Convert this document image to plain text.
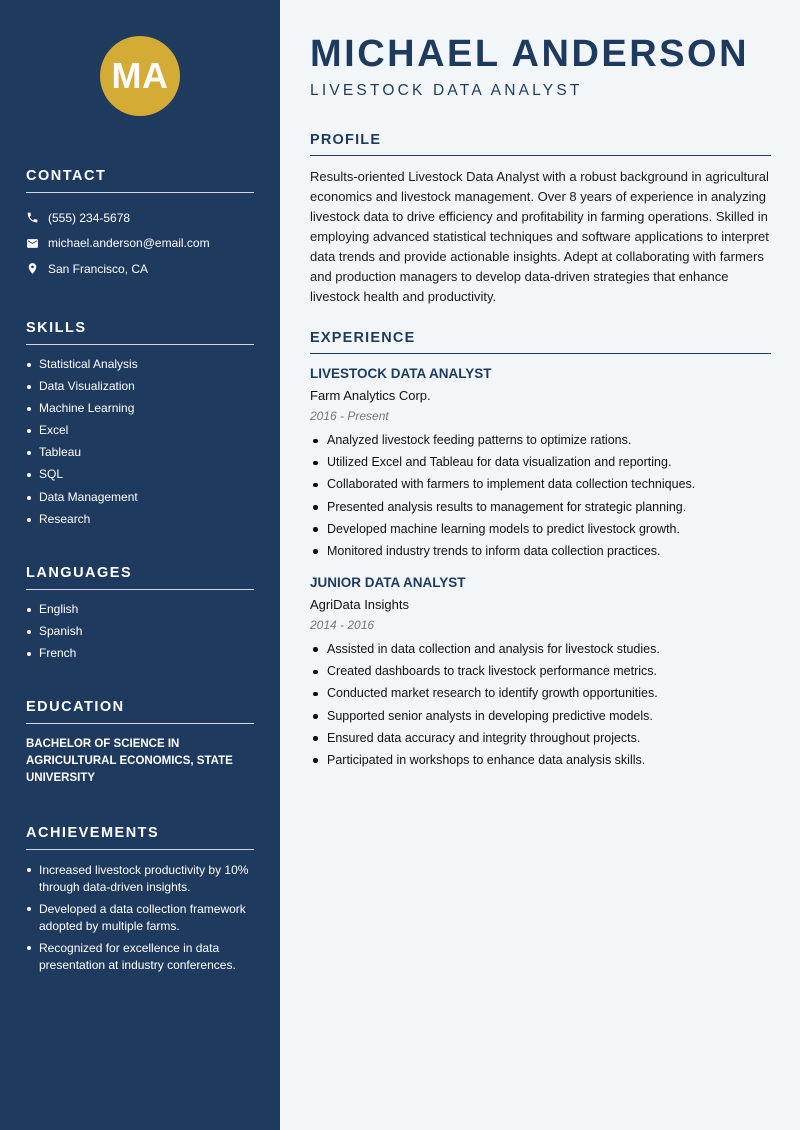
MA
CONTACT
(555) 234-5678
michael.anderson@email.com
San Francisco, CA
SKILLS
Statistical Analysis
Data Visualization
Machine Learning
Excel
Tableau
SQL
Data Management
Research
LANGUAGES
English
Spanish
French
EDUCATION
BACHELOR OF SCIENCE IN AGRICULTURAL ECONOMICS, STATE UNIVERSITY
ACHIEVEMENTS
Increased livestock productivity by 10% through data-driven insights.
Developed a data collection framework adopted by multiple farms.
Recognized for excellence in data presentation at industry conferences.
MICHAEL ANDERSON
LIVESTOCK DATA ANALYST
PROFILE

Results-oriented Livestock Data Analyst with a robust background in agricultural economics and livestock management. Over 8 years of experience in analyzing livestock data to drive efficiency and profitability in farming operations. Skilled in employing advanced statistical techniques and software applications to interpret data trends and provide actionable insights. Adept at collaborating with farmers and production managers to develop data-driven strategies that enhance livestock health and productivity.

EXPERIENCE
LIVESTOCK DATA ANALYST
Farm Analytics Corp.
2016 - Present
Analyzed livestock feeding patterns to optimize rations.
Utilized Excel and Tableau for data visualization and reporting.
Collaborated with farmers to implement data collection techniques.
Presented analysis results to management for strategic planning.
Developed machine learning models to predict livestock growth.
Monitored industry trends to inform data collection practices.
JUNIOR DATA ANALYST
AgriData Insights
2014 - 2016
Assisted in data collection and analysis for livestock studies.
Created dashboards to track livestock performance metrics.
Conducted market research to identify growth opportunities.
Supported senior analysts in developing predictive models.
Ensured data accuracy and integrity throughout projects.
Participated in workshops to enhance data analysis skills.
